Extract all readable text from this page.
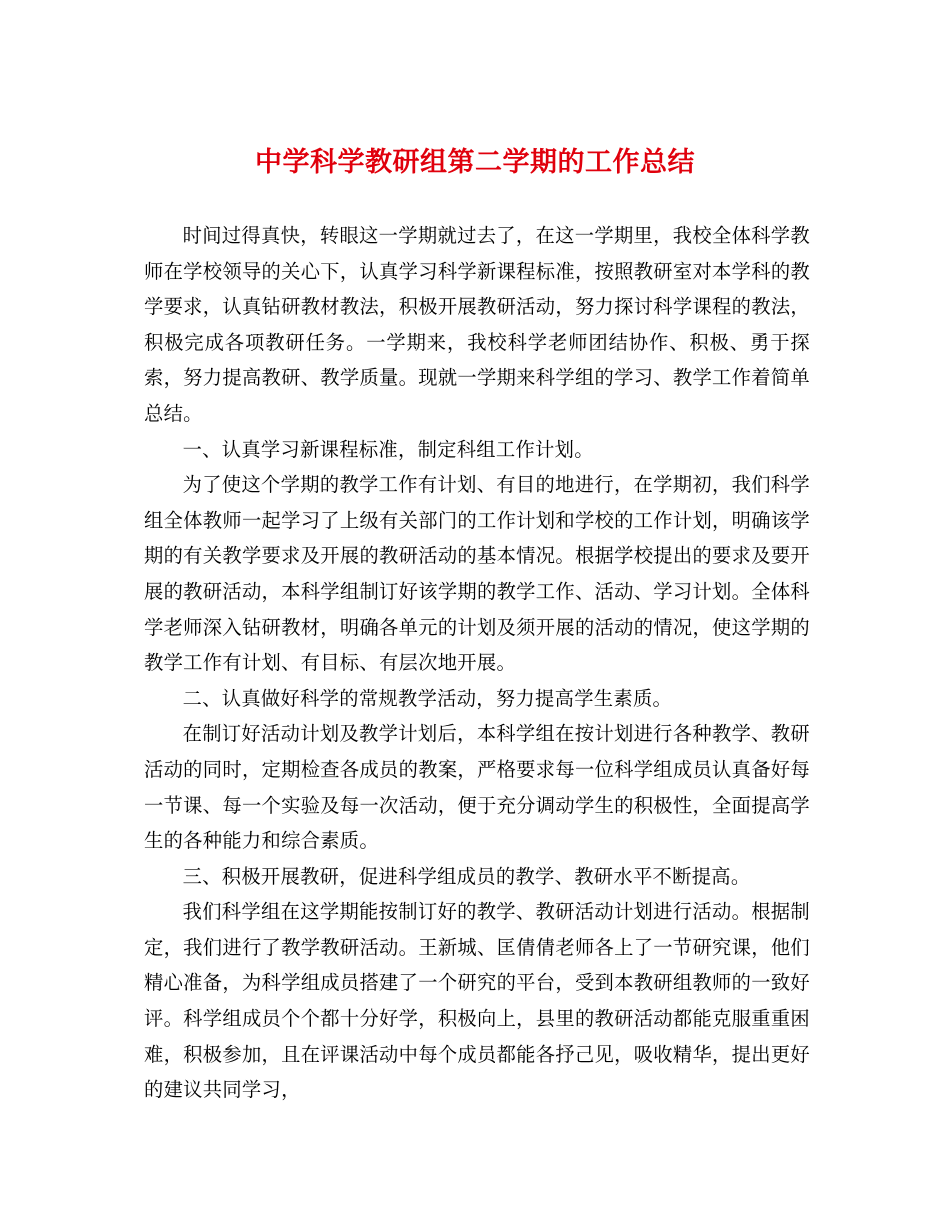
中学科学教研组第二学期的工作总结

时间过得真快，转眼这一学期就过去了，在这一学期里，我校全体科学教师在学校领导的关心下，认真学习科学新课程标准，按照教研室对本学科的教学要求，认真钻研教材教法，积极开展教研活动，努力探讨科学课程的教法，积极完成各项教研任务。一学期来，我校科学老师团结协作、积极、勇于探索，努力提高教研、教学质量。现就一学期来科学组的学习、教学工作着简单总结。

一、认真学习新课程标准，制定科组工作计划。

为了使这个学期的教学工作有计划、有目的地进行，在学期初，我们科学组全体教师一起学习了上级有关部门的工作计划和学校的工作计划，明确该学期的有关教学要求及开展的教研活动的基本情况。根据学校提出的要求及要开展的教研活动，本科学组制订好该学期的教学工作、活动、学习计划。全体科学老师深入钻研教材，明确各单元的计划及须开展的活动的情况，使这学期的教学工作有计划、有目标、有层次地开展。

二、认真做好科学的常规教学活动，努力提高学生素质。

在制订好活动计划及教学计划后，本科学组在按计划进行各种教学、教研活动的同时，定期检查各成员的教案，严格要求每一位科学组成员认真备好每一节课、每一个实验及每一次活动，便于充分调动学生的积极性，全面提高学生的各种能力和综合素质。

三、积极开展教研，促进科学组成员的教学、教研水平不断提高。

我们科学组在这学期能按制订好的教学、教研活动计划进行活动。根据制定，我们进行了教学教研活动。王新城、匡倩倩老师各上了一节研究课，他们精心准备，为科学组成员搭建了一个研究的平台，受到本教研组教师的一致好评。科学组成员个个都十分好学，积极向上，县里的教研活动都能克服重重困难，积极参加，且在评课活动中每个成员都能各抒己见，吸收精华，提出更好的建议共同学习，
